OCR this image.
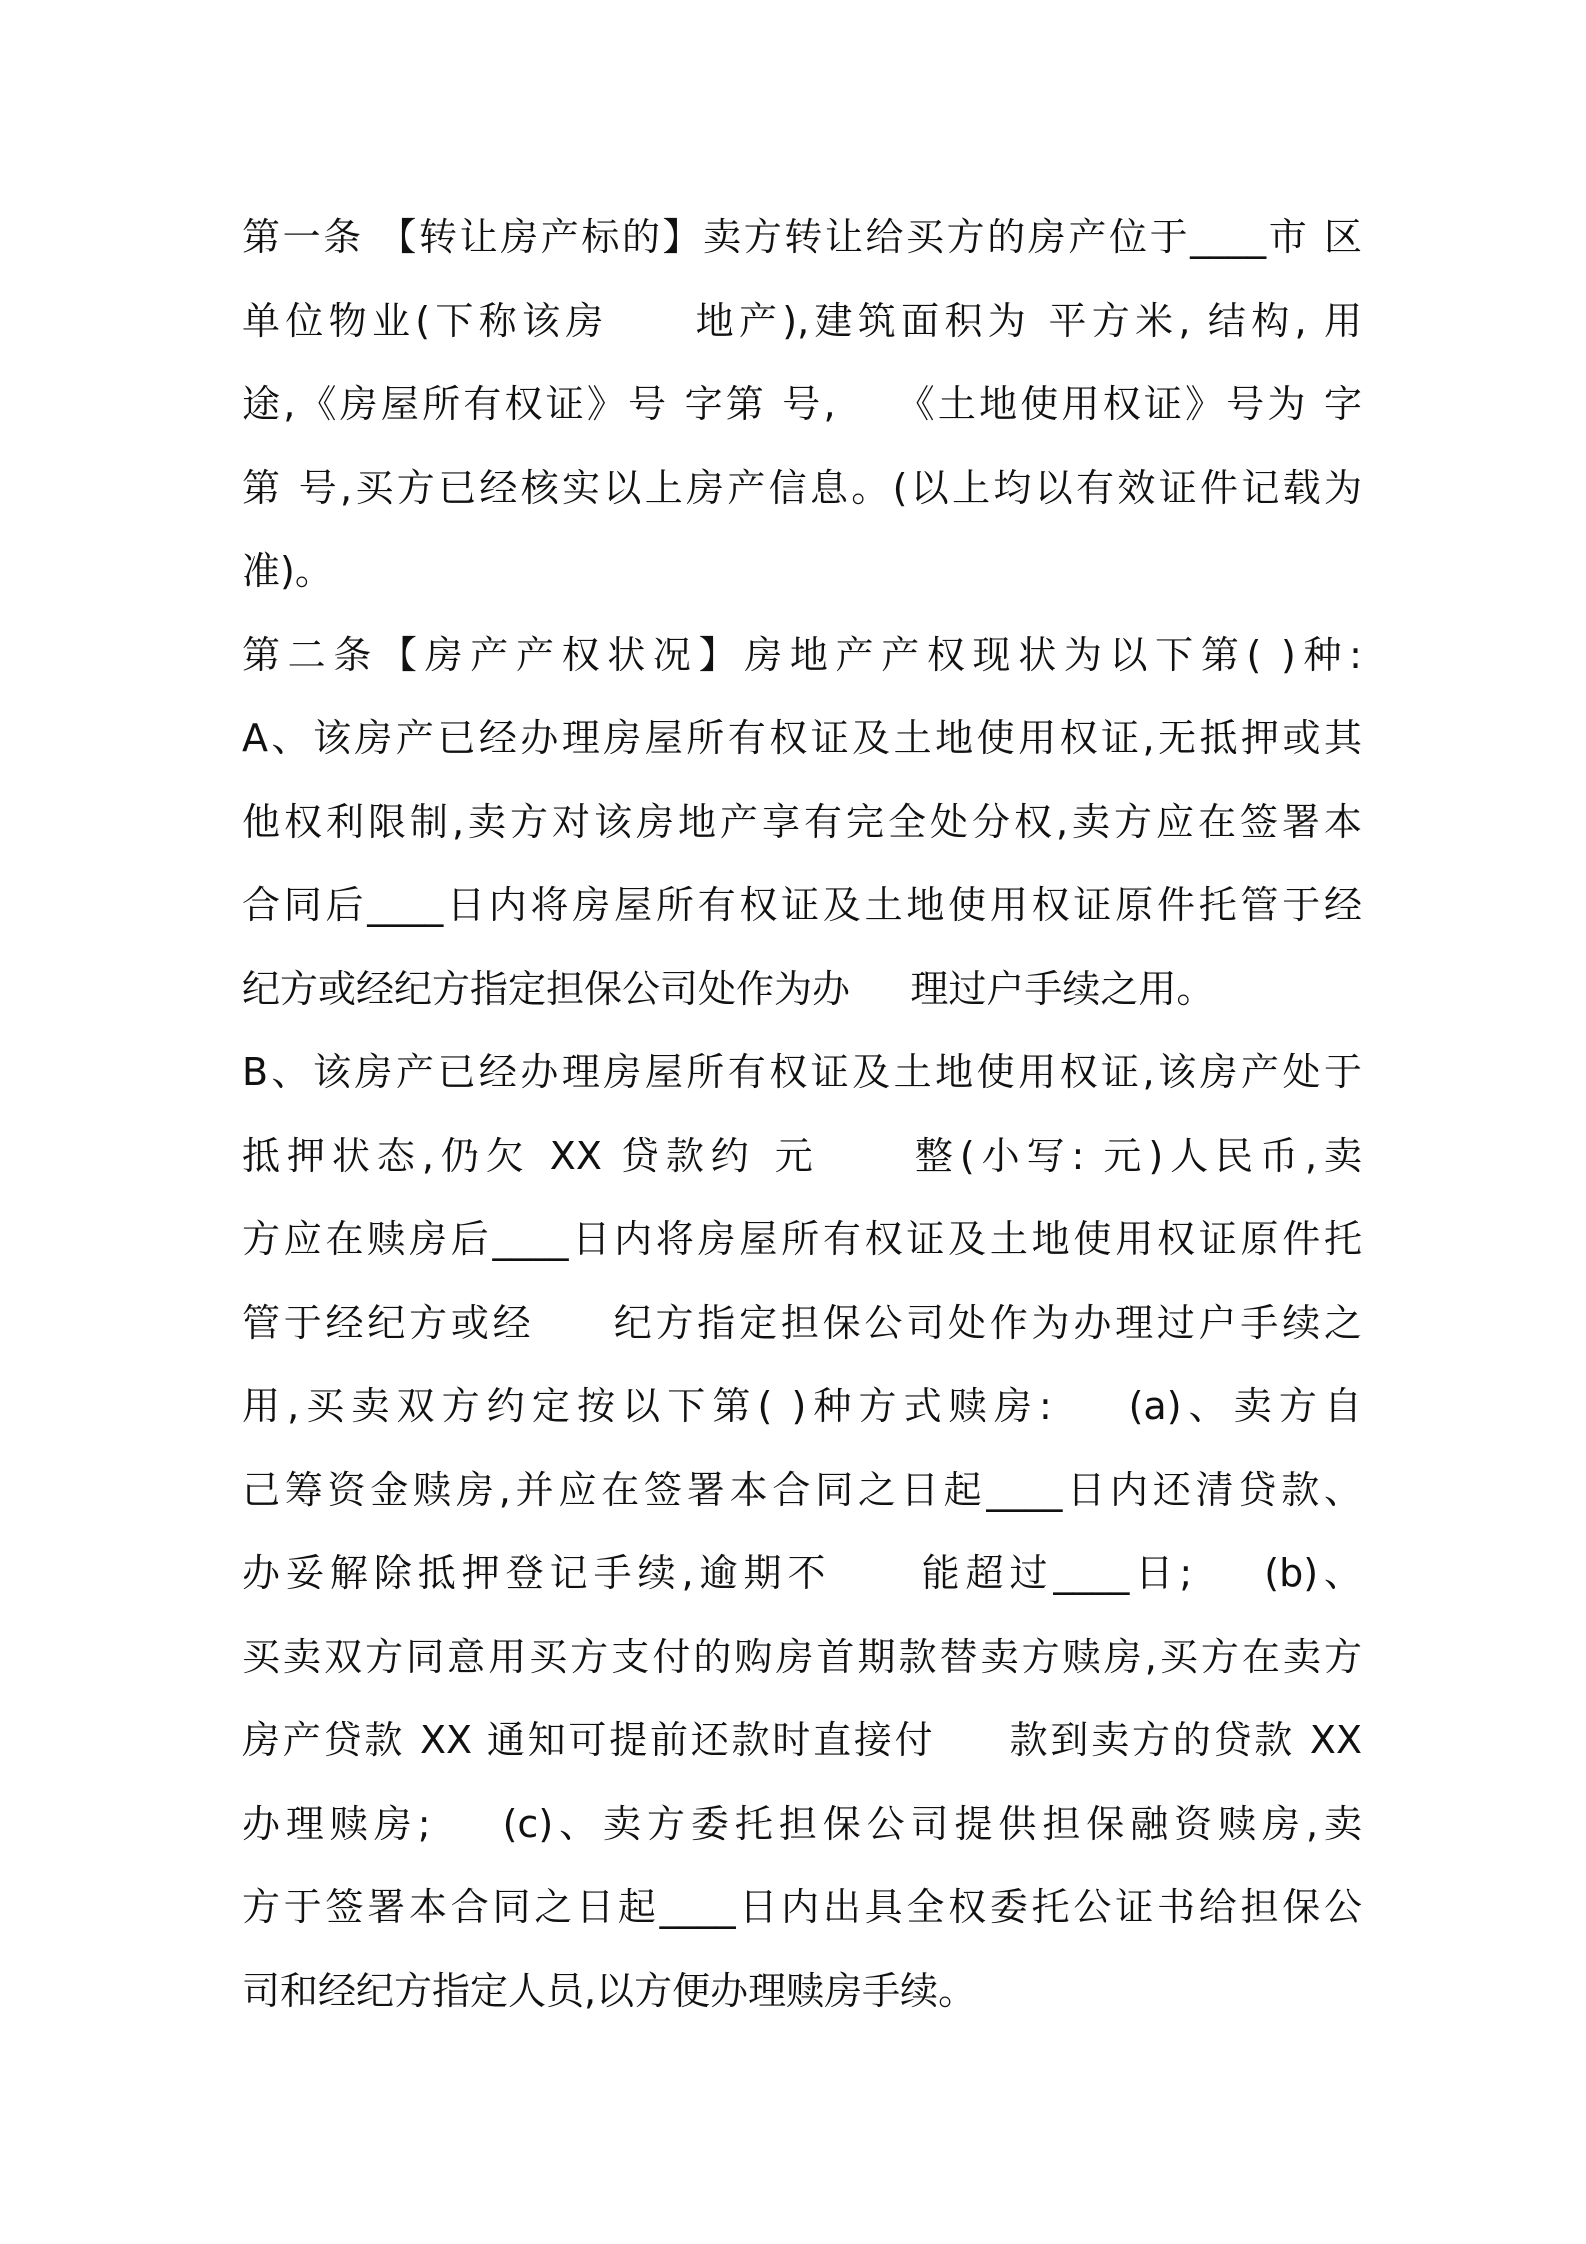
第一条 【转让房产标的】卖方转让给买方的房产位于____市 区
单位物业(下称该房     地产),建筑面积为 平方米, 结构, 用
途,《房屋所有权证》号 字第 号,    《土地使用权证》号为 字
第 号,买方已经核实以上房产信息。(以上均以有效证件记载为
准)。
第二条【房产产权状况】房地产产权现状为以下第( )种:
A、该房产已经办理房屋所有权证及土地使用权证,无抵押或其
他权利限制,卖方对该房地产享有完全处分权,卖方应在签署本
合同后____日内将房屋所有权证及土地使用权证原件托管于经
纪方或经纪方指定担保公司处作为办     理过户手续之用。
B、该房产已经办理房屋所有权证及土地使用权证,该房产处于
抵押状态,仍欠 XX 贷款约 元     整(小写: 元)人民币,卖
方应在赎房后____日内将房屋所有权证及土地使用权证原件托
管于经纪方或经     纪方指定担保公司处作为办理过户手续之
用,买卖双方约定按以下第( )种方式赎房:    (a)、卖方自
己筹资金赎房,并应在签署本合同之日起____日内还清贷款、
办妥解除抵押登记手续,逾期不     能超过____日;    (b)、
买卖双方同意用买方支付的购房首期款替卖方赎房,买方在卖方
房产贷款 XX 通知可提前还款时直接付     款到卖方的贷款 XX
办理赎房;    (c)、卖方委托担保公司提供担保融资赎房,卖
方于签署本合同之日起____日内出具全权委托公证书给担保公
司和经纪方指定人员,以方便办理赎房手续。
